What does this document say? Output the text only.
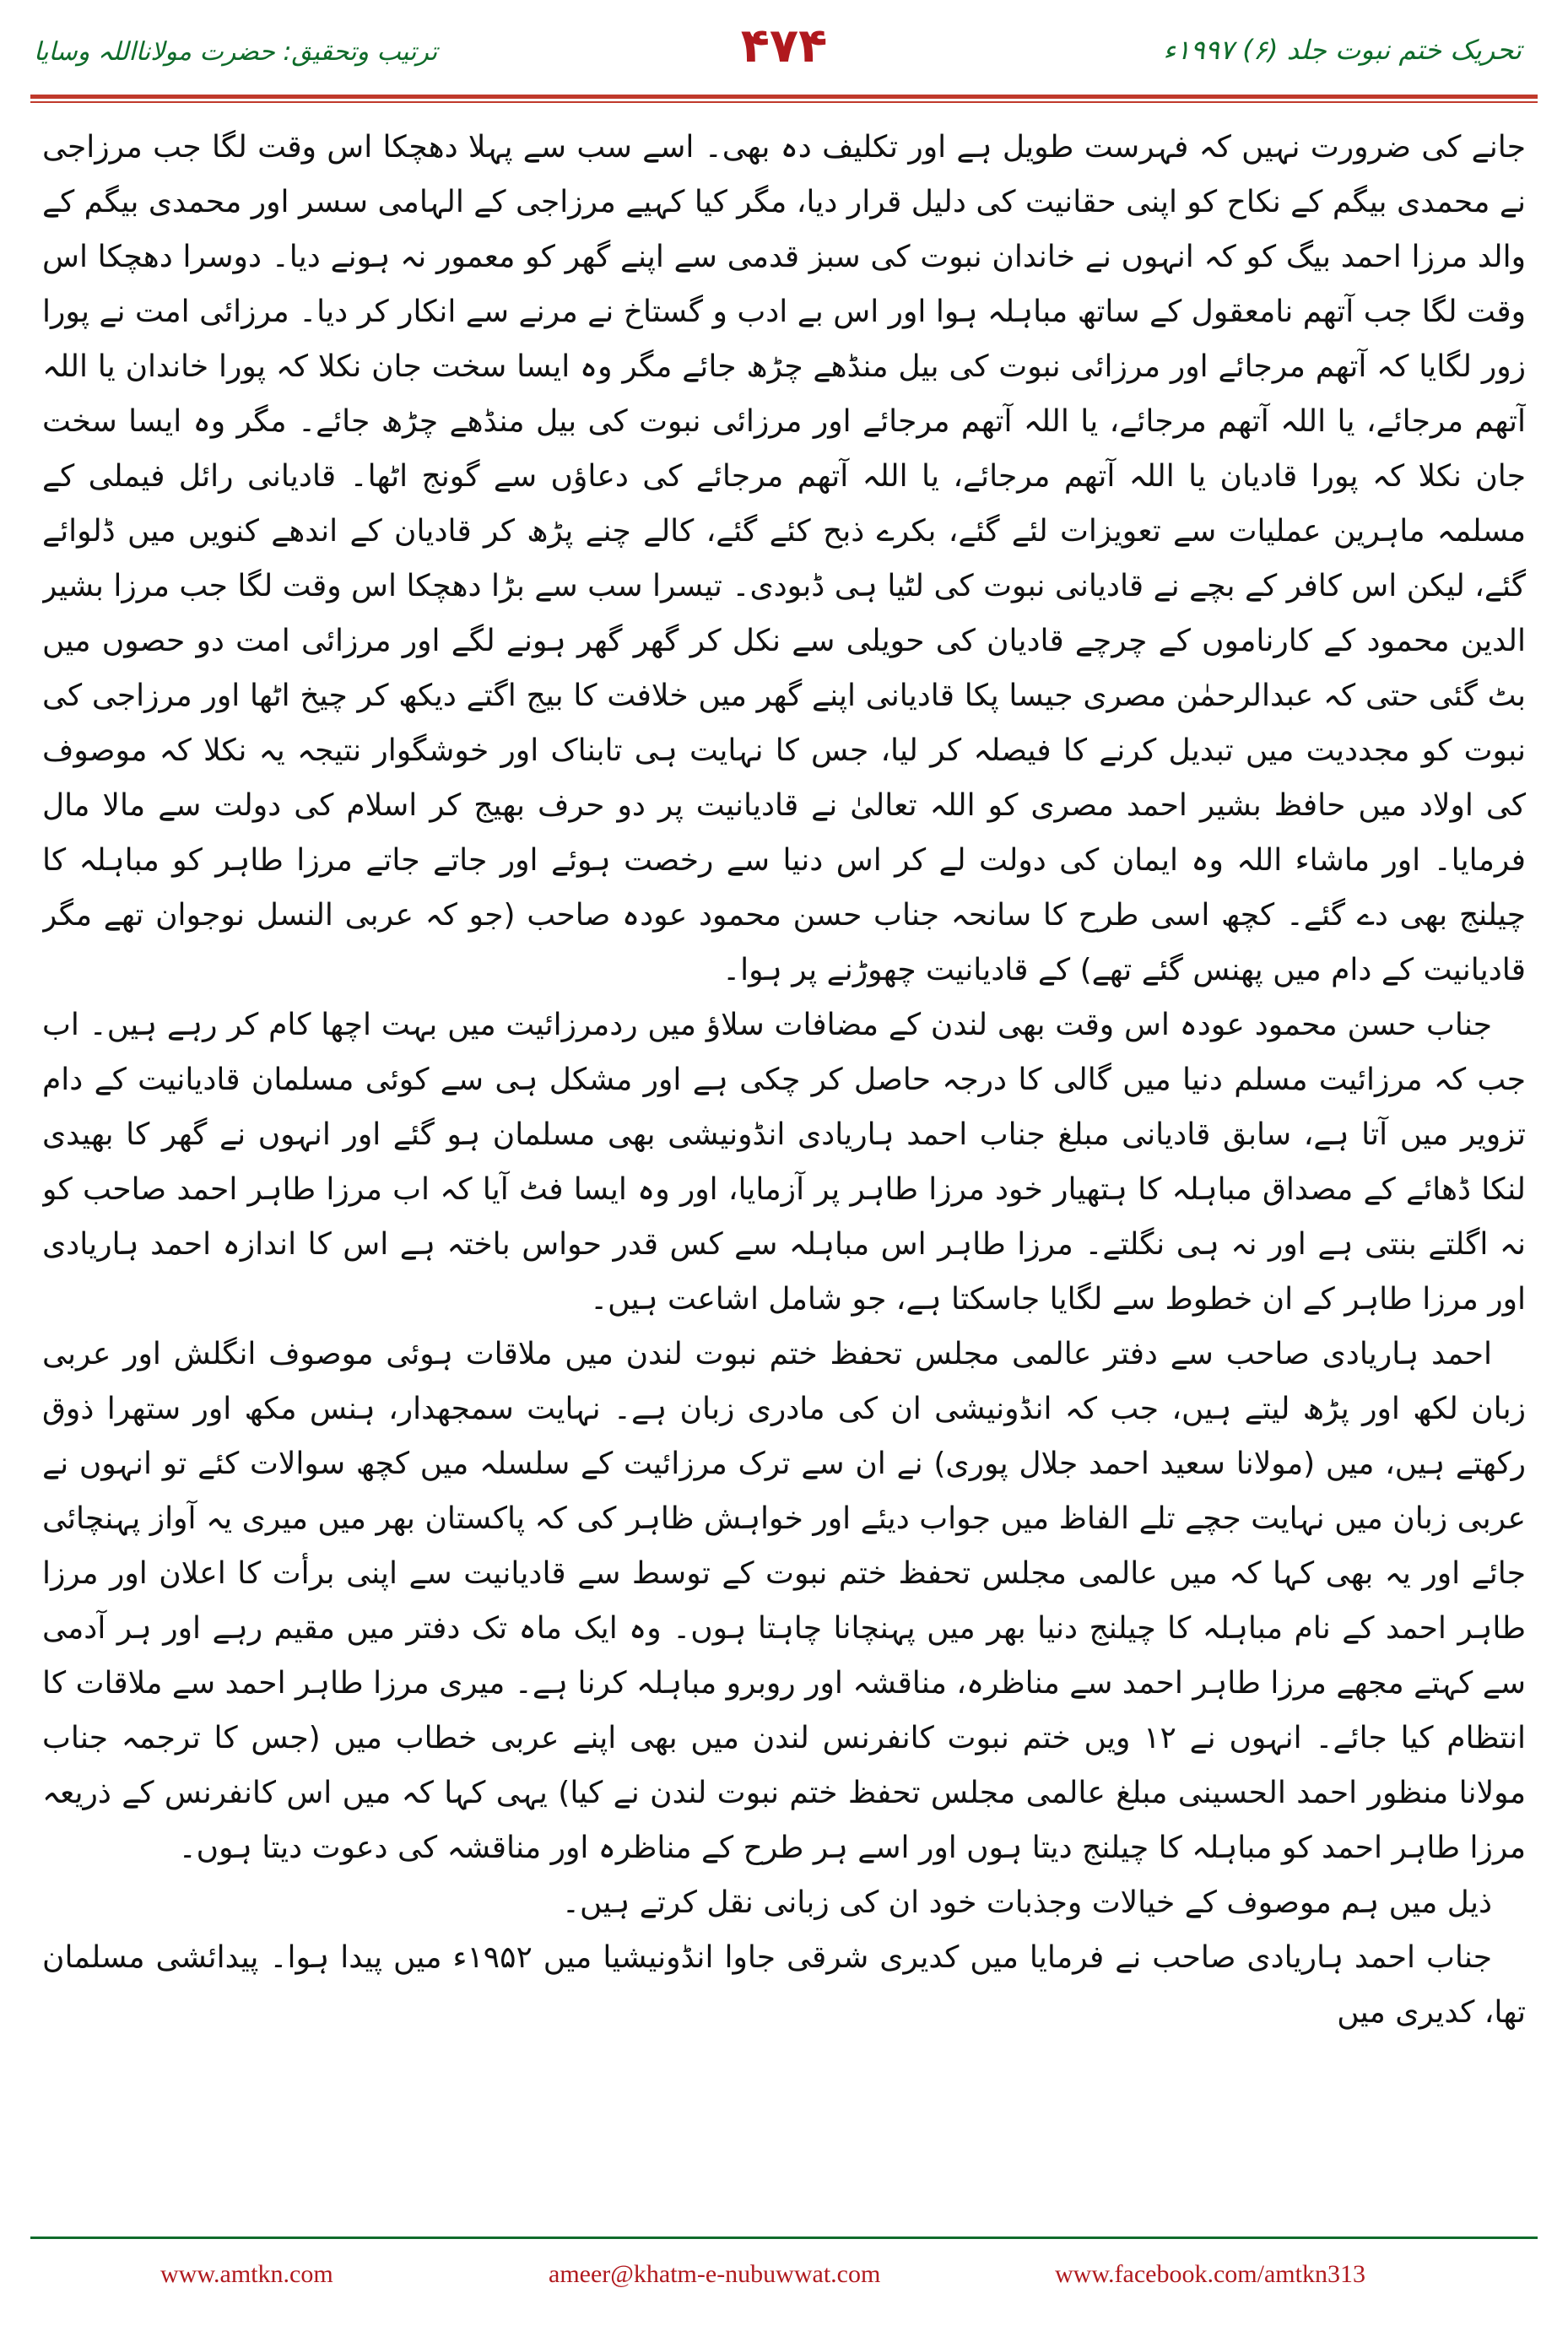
تحریک ختم نبوت جلد (۶) ۱۹۹۷ء
۴۷۴
ترتیب وتحقیق: حضرت مولانااللہ وسایا

جانے کی ضرورت نہیں کہ فہرست طویل ہے اور تکلیف دہ بھی۔ اسے سب سے پہلا دھچکا اس وقت لگا جب مرزاجی نے محمدی بیگم کے نکاح کو اپنی حقانیت کی دلیل قرار دیا، مگر کیا کہیے مرزاجی کے الہامی سسر اور محمدی بیگم کے والد مرزا احمد بیگ کو کہ انہوں نے خاندان نبوت کی سبز قدمی سے اپنے گھر کو معمور نہ ہونے دیا۔ دوسرا دھچکا اس وقت لگا جب آتھم نامعقول کے ساتھ مباہلہ ہوا اور اس بے ادب و گستاخ نے مرنے سے انکار کر دیا۔ مرزائی امت نے پورا زور لگایا کہ آتھم مرجائے اور مرزائی نبوت کی بیل منڈھے چڑھ جائے مگر وہ ایسا سخت جان نکلا کہ پورا خاندان یا اللہ آتھم مرجائے، یا اللہ آتھم مرجائے، یا اللہ آتھم مرجائے اور مرزائی نبوت کی بیل منڈھے چڑھ جائے۔ مگر وہ ایسا سخت جان نکلا کہ پورا قادیان یا اللہ آتھم مرجائے، یا اللہ آتھم مرجائے کی دعاؤں سے گونج اٹھا۔ قادیانی رائل فیملی کے مسلمہ ماہرین عملیات سے تعویزات لئے گئے، بکرے ذبح کئے گئے، کالے چنے پڑھ کر قادیان کے اندھے کنویں میں ڈلوائے گئے، لیکن اس کافر کے بچے نے قادیانی نبوت کی لٹیا ہی ڈبودی۔ تیسرا سب سے بڑا دھچکا اس وقت لگا جب مرزا بشیر الدین محمود کے کارناموں کے چرچے قادیان کی حویلی سے نکل کر گھر گھر ہونے لگے اور مرزائی امت دو حصوں میں بٹ گئی حتی کہ عبدالرحمٰن مصری جیسا پکا قادیانی اپنے گھر میں خلافت کا بیج اگتے دیکھ کر چیخ اٹھا اور مرزاجی کی نبوت کو مجددیت میں تبدیل کرنے کا فیصلہ کر لیا، جس کا نہایت ہی تابناک اور خوشگوار نتیجہ یہ نکلا کہ موصوف کی اولاد میں حافظ بشیر احمد مصری کو اللہ تعالیٰ نے قادیانیت پر دو حرف بھیج کر اسلام کی دولت سے مالا مال فرمایا۔ اور ماشاء اللہ وہ ایمان کی دولت لے کر اس دنیا سے رخصت ہوئے اور جاتے جاتے مرزا طاہر کو مباہلہ کا چیلنج بھی دے گئے۔ کچھ اسی طرح کا سانحہ جناب حسن محمود عودہ صاحب (جو کہ عربی النسل نوجوان تھے مگر قادیانیت کے دام میں پھنس گئے تھے) کے قادیانیت چھوڑنے پر ہوا۔

جناب حسن محمود عودہ اس وقت بھی لندن کے مضافات سلاؤ میں ردمرزائیت میں بہت اچھا کام کر رہے ہیں۔ اب جب کہ مرزائیت مسلم دنیا میں گالی کا درجہ حاصل کر چکی ہے اور مشکل ہی سے کوئی مسلمان قادیانیت کے دام تزویر میں آتا ہے، سابق قادیانی مبلغ جناب احمد ہاریادی انڈونیشی بھی مسلمان ہو گئے اور انہوں نے گھر کا بھیدی لنکا ڈھائے کے مصداق مباہلہ کا ہتھیار خود مرزا طاہر پر آزمایا، اور وہ ایسا فٹ آیا کہ اب مرزا طاہر احمد صاحب کو نہ اگلتے بنتی ہے اور نہ ہی نگلتے۔ مرزا طاہر اس مباہلہ سے کس قدر حواس باختہ ہے اس کا اندازہ احمد ہاریادی اور مرزا طاہر کے ان خطوط سے لگایا جاسکتا ہے، جو شامل اشاعت ہیں۔

احمد ہاریادی صاحب سے دفتر عالمی مجلس تحفظ ختم نبوت لندن میں ملاقات ہوئی موصوف انگلش اور عربی زبان لکھ اور پڑھ لیتے ہیں، جب کہ انڈونیشی ان کی مادری زبان ہے۔ نہایت سمجھدار، ہنس مکھ اور ستھرا ذوق رکھتے ہیں، میں (مولانا سعید احمد جلال پوری) نے ان سے ترک مرزائیت کے سلسلہ میں کچھ سوالات کئے تو انہوں نے عربی زبان میں نہایت جچے تلے الفاظ میں جواب دیئے اور خواہش ظاہر کی کہ پاکستان بھر میں میری یہ آواز پہنچائی جائے اور یہ بھی کہا کہ میں عالمی مجلس تحفظ ختم نبوت کے توسط سے قادیانیت سے اپنی برأت کا اعلان اور مرزا طاہر احمد کے نام مباہلہ کا چیلنج دنیا بھر میں پہنچانا چاہتا ہوں۔ وہ ایک ماہ تک دفتر میں مقیم رہے اور ہر آدمی سے کہتے مجھے مرزا طاہر احمد سے مناظرہ، مناقشہ اور روبرو مباہلہ کرنا ہے۔ میری مرزا طاہر احمد سے ملاقات کا انتظام کیا جائے۔ انہوں نے ۱۲ ویں ختم نبوت کانفرنس لندن میں بھی اپنے عربی خطاب میں (جس کا ترجمہ جناب مولانا منظور احمد الحسینی مبلغ عالمی مجلس تحفظ ختم نبوت لندن نے کیا) یہی کہا کہ میں اس کانفرنس کے ذریعہ مرزا طاہر احمد کو مباہلہ کا چیلنج دیتا ہوں اور اسے ہر طرح کے مناظرہ اور مناقشہ کی دعوت دیتا ہوں۔

ذیل میں ہم موصوف کے خیالات وجذبات خود ان کی زبانی نقل کرتے ہیں۔

جناب احمد ہاریادی صاحب نے فرمایا میں کدیری شرقی جاوا انڈونیشیا میں ۱۹۵۲ء میں پیدا ہوا۔ پیدائشی مسلمان تھا، کدیری میں

www.amtkn.com	ameer@khatm-e-nubuwwat.com	www.facebook.com/amtkn313
